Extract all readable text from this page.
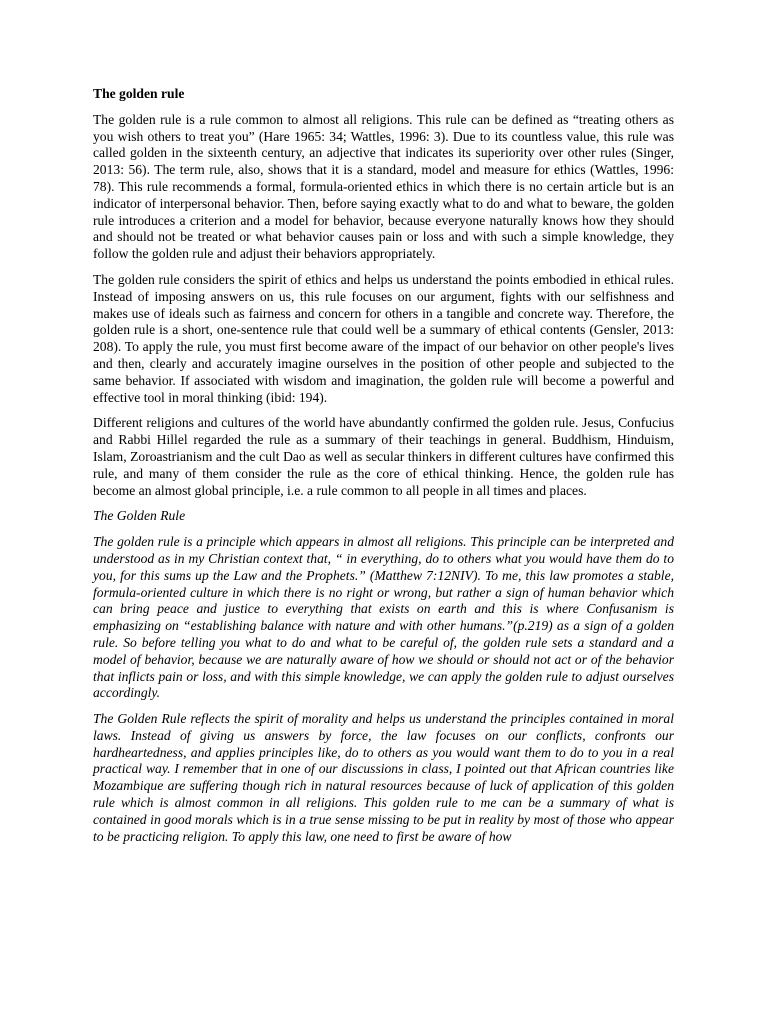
The golden rule

The golden rule is a rule common to almost all religions. This rule can be defined as “treating others as you wish others to treat you” (Hare 1965: 34; Wattles, 1996: 3). Due to its countless value, this rule was called golden in the sixteenth century, an adjective that indicates its superiority over other rules (Singer, 2013: 56). The term rule, also, shows that it is a standard, model and measure for ethics (Wattles, 1996: 78). This rule recommends a formal, formula-oriented ethics in which there is no certain article but is an indicator of interpersonal behavior. Then, before saying exactly what to do and what to beware, the golden rule introduces a criterion and a model for behavior, because everyone naturally knows how they should and should not be treated or what behavior causes pain or loss and with such a simple knowledge, they follow the golden rule and adjust their behaviors appropriately.

The golden rule considers the spirit of ethics and helps us understand the points embodied in ethical rules. Instead of imposing answers on us, this rule focuses on our argument, fights with our selfishness and makes use of ideals such as fairness and concern for others in a tangible and concrete way. Therefore, the golden rule is a short, one-sentence rule that could well be a summary of ethical contents (Gensler, 2013: 208). To apply the rule, you must first become aware of the impact of our behavior on other people's lives and then, clearly and accurately imagine ourselves in the position of other people and subjected to the same behavior. If associated with wisdom and imagination, the golden rule will become a powerful and effective tool in moral thinking (ibid: 194).

Different religions and cultures of the world have abundantly confirmed the golden rule. Jesus, Confucius and Rabbi Hillel regarded the rule as a summary of their teachings in general. Buddhism, Hinduism, Islam, Zoroastrianism and the cult Dao as well as secular thinkers in different cultures have confirmed this rule, and many of them consider the rule as the core of ethical thinking. Hence, the golden rule has become an almost global principle, i.e. a rule common to all people in all times and places.

The Golden Rule

The golden rule is a principle which appears in almost all religions. This principle can be interpreted and understood as in my Christian context that, “ in everything, do to others what you would have them do to you, for this sums up the Law and the Prophets.” (Matthew 7:12NIV). To me, this law promotes a stable, formula-oriented culture in which there is no right or wrong, but rather a sign of human behavior which can bring peace and justice to everything that exists on earth and this is where Confusanism is emphasizing on “establishing balance with nature and with other humans.”(p.219) as a sign of a golden rule. So before telling you what to do and what to be careful of, the golden rule sets a standard and a model of behavior, because we are naturally aware of how we should or should not act or of the behavior that inflicts pain or loss, and with this simple knowledge, we can apply the golden rule to adjust ourselves accordingly.

The Golden Rule reflects the spirit of morality and helps us understand the principles contained in moral laws. Instead of giving us answers by force, the law focuses on our conflicts, confronts our hardheartedness, and applies principles like, do to others as you would want them to do to you in a real practical way. I remember that in one of our discussions in class, I pointed out that African countries like Mozambique are suffering though rich in natural resources because of luck of application of this golden rule which is almost common in all religions. This golden rule to me can be a summary of what is contained in good morals which is in a true sense missing to be put in reality by most of those who appear to be practicing religion. To apply this law, one need to first be aware of how
